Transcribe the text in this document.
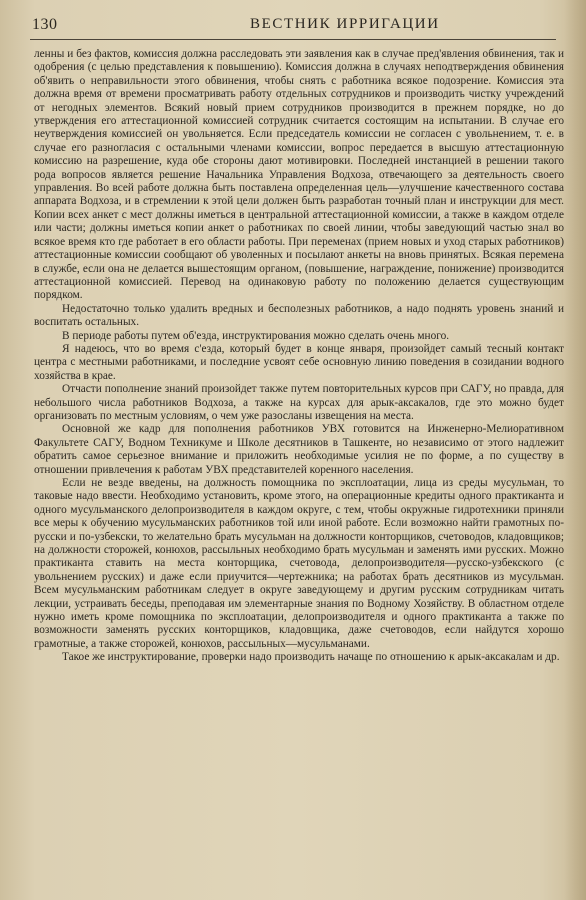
130	ВЕСТНИК ИРРИГАЦИИ

ленны и без фактов, комиссия должна расследовать эти заявления как в случае пред'явления обвинения, так и одобрения (с целью представления к повышению). Комиссия должна в случаях неподтверждения обвинения об'явить о неправильности этого обвинения, чтобы снять с работника всякое подозрение. Комиссия эта должна время от времени просматривать работу отдельных сотрудников и производить чистку учреждений от негодных элементов. Всякий новый прием сотрудников производится в прежнем порядке, но до утверждения его аттестационной комиссией сотрудник считается состоящим на испытании. В случае его неутверждения комиссией он увольняется. Если председатель комиссии не согласен с увольнением, т. е. в случае его разногласия с остальными членами комиссии, вопрос передается в высшую аттестационную комиссию на разрешение, куда обе стороны дают мотивировки. Последней инстанцией в решении такого рода вопросов является решение Начальника Управления Водхоза, отвечающего за деятельность своего управления. Во всей работе должна быть поставлена определенная цель—улучшение качественного состава аппарата Водхоза, и в стремлении к этой цели должен быть разработан точный план и инструкции для мест. Копии всех анкет с мест должны иметься в центральной аттестационной комиссии, а также в каждом отделе или части; должны иметься копии анкет о работниках по своей линии, чтобы заведующий частью знал во всякое время кто где работает в его области работы. При переменах (прием новых и уход старых работников) аттестационные комиссии сообщают об уволенных и посылают анкеты на вновь принятых. Всякая перемена в службе, если она не делается вышестоящим органом, (повышение, награждение, понижение) производится аттестационной комиссией. Перевод на одинаковую работу по положению делается существующим порядком.

Недостаточно только удалить вредных и бесполезных работников, а надо поднять уровень знаний и воспитать остальных.

В периоде работы путем об'езда, инструктирования можно сделать очень много.

Я надеюсь, что во время с'езда, который будет в конце января, произойдет самый тесный контакт центра с местными работниками, и последние усвоят себе основную линию поведения в созидании водного хозяйства в крае.

Отчасти пополнение знаний произойдет также путем повторительных курсов при САГУ, но правда, для небольшого числа работников Водхоза, а также на курсах для арык-аксакалов, где это можно будет организовать по местным условиям, о чем уже разосланы извещения на места.

Основной же кадр для пополнения работников УВХ готовится на Инженерно-Мелиоративном Факультете САГУ, Водном Техникуме и Школе десятников в Ташкенте, но независимо от этого надлежит обратить самое серьезное внимание и приложить необходимые усилия не по форме, а по существу в отношении привлечения к работам УВХ представителей коренного населения.

Если не везде введены, на должность помощника по эксплоатации, лица из среды мусульман, то таковые надо ввести. Необходимо установить, кроме этого, на операционные кредиты одного практиканта и одного мусульманского делопроизводителя в каждом округе, с тем, чтобы окружные гидротехники приняли все меры к обучению мусульманских работников той или иной работе. Если возможно найти грамотных по-русски и по-узбекски, то желательно брать мусульман на должности конторщиков, счетоводов, кладовщиков; на должности сторожей, конюхов, рассыльных необходимо брать мусульман и заменять ими русских. Можно практиканта ставить на места конторщика, счетовода, делопроизводителя—русско-узбекского (с увольнением русских) и даже если приучится—чертежника; на работах брать десятников из мусульман. Всем мусульманским работникам следует в округе заведующему и другим русским сотрудникам читать лекции, устраивать беседы, преподавая им элементарные знания по Водному Хозяйству. В областном отделе нужно иметь кроме помощника по эксплоатации, делопроизводителя и одного практиканта а также по возможности заменять русских конторщиков, кладовщика, даже счетоводов, если найдутся хорошо грамотные, а также сторожей, конюхов, рассыльных—мусульманами.

Такое же инструктирование, проверки надо производить начаще по отношению к арык-аксакалам и др.
